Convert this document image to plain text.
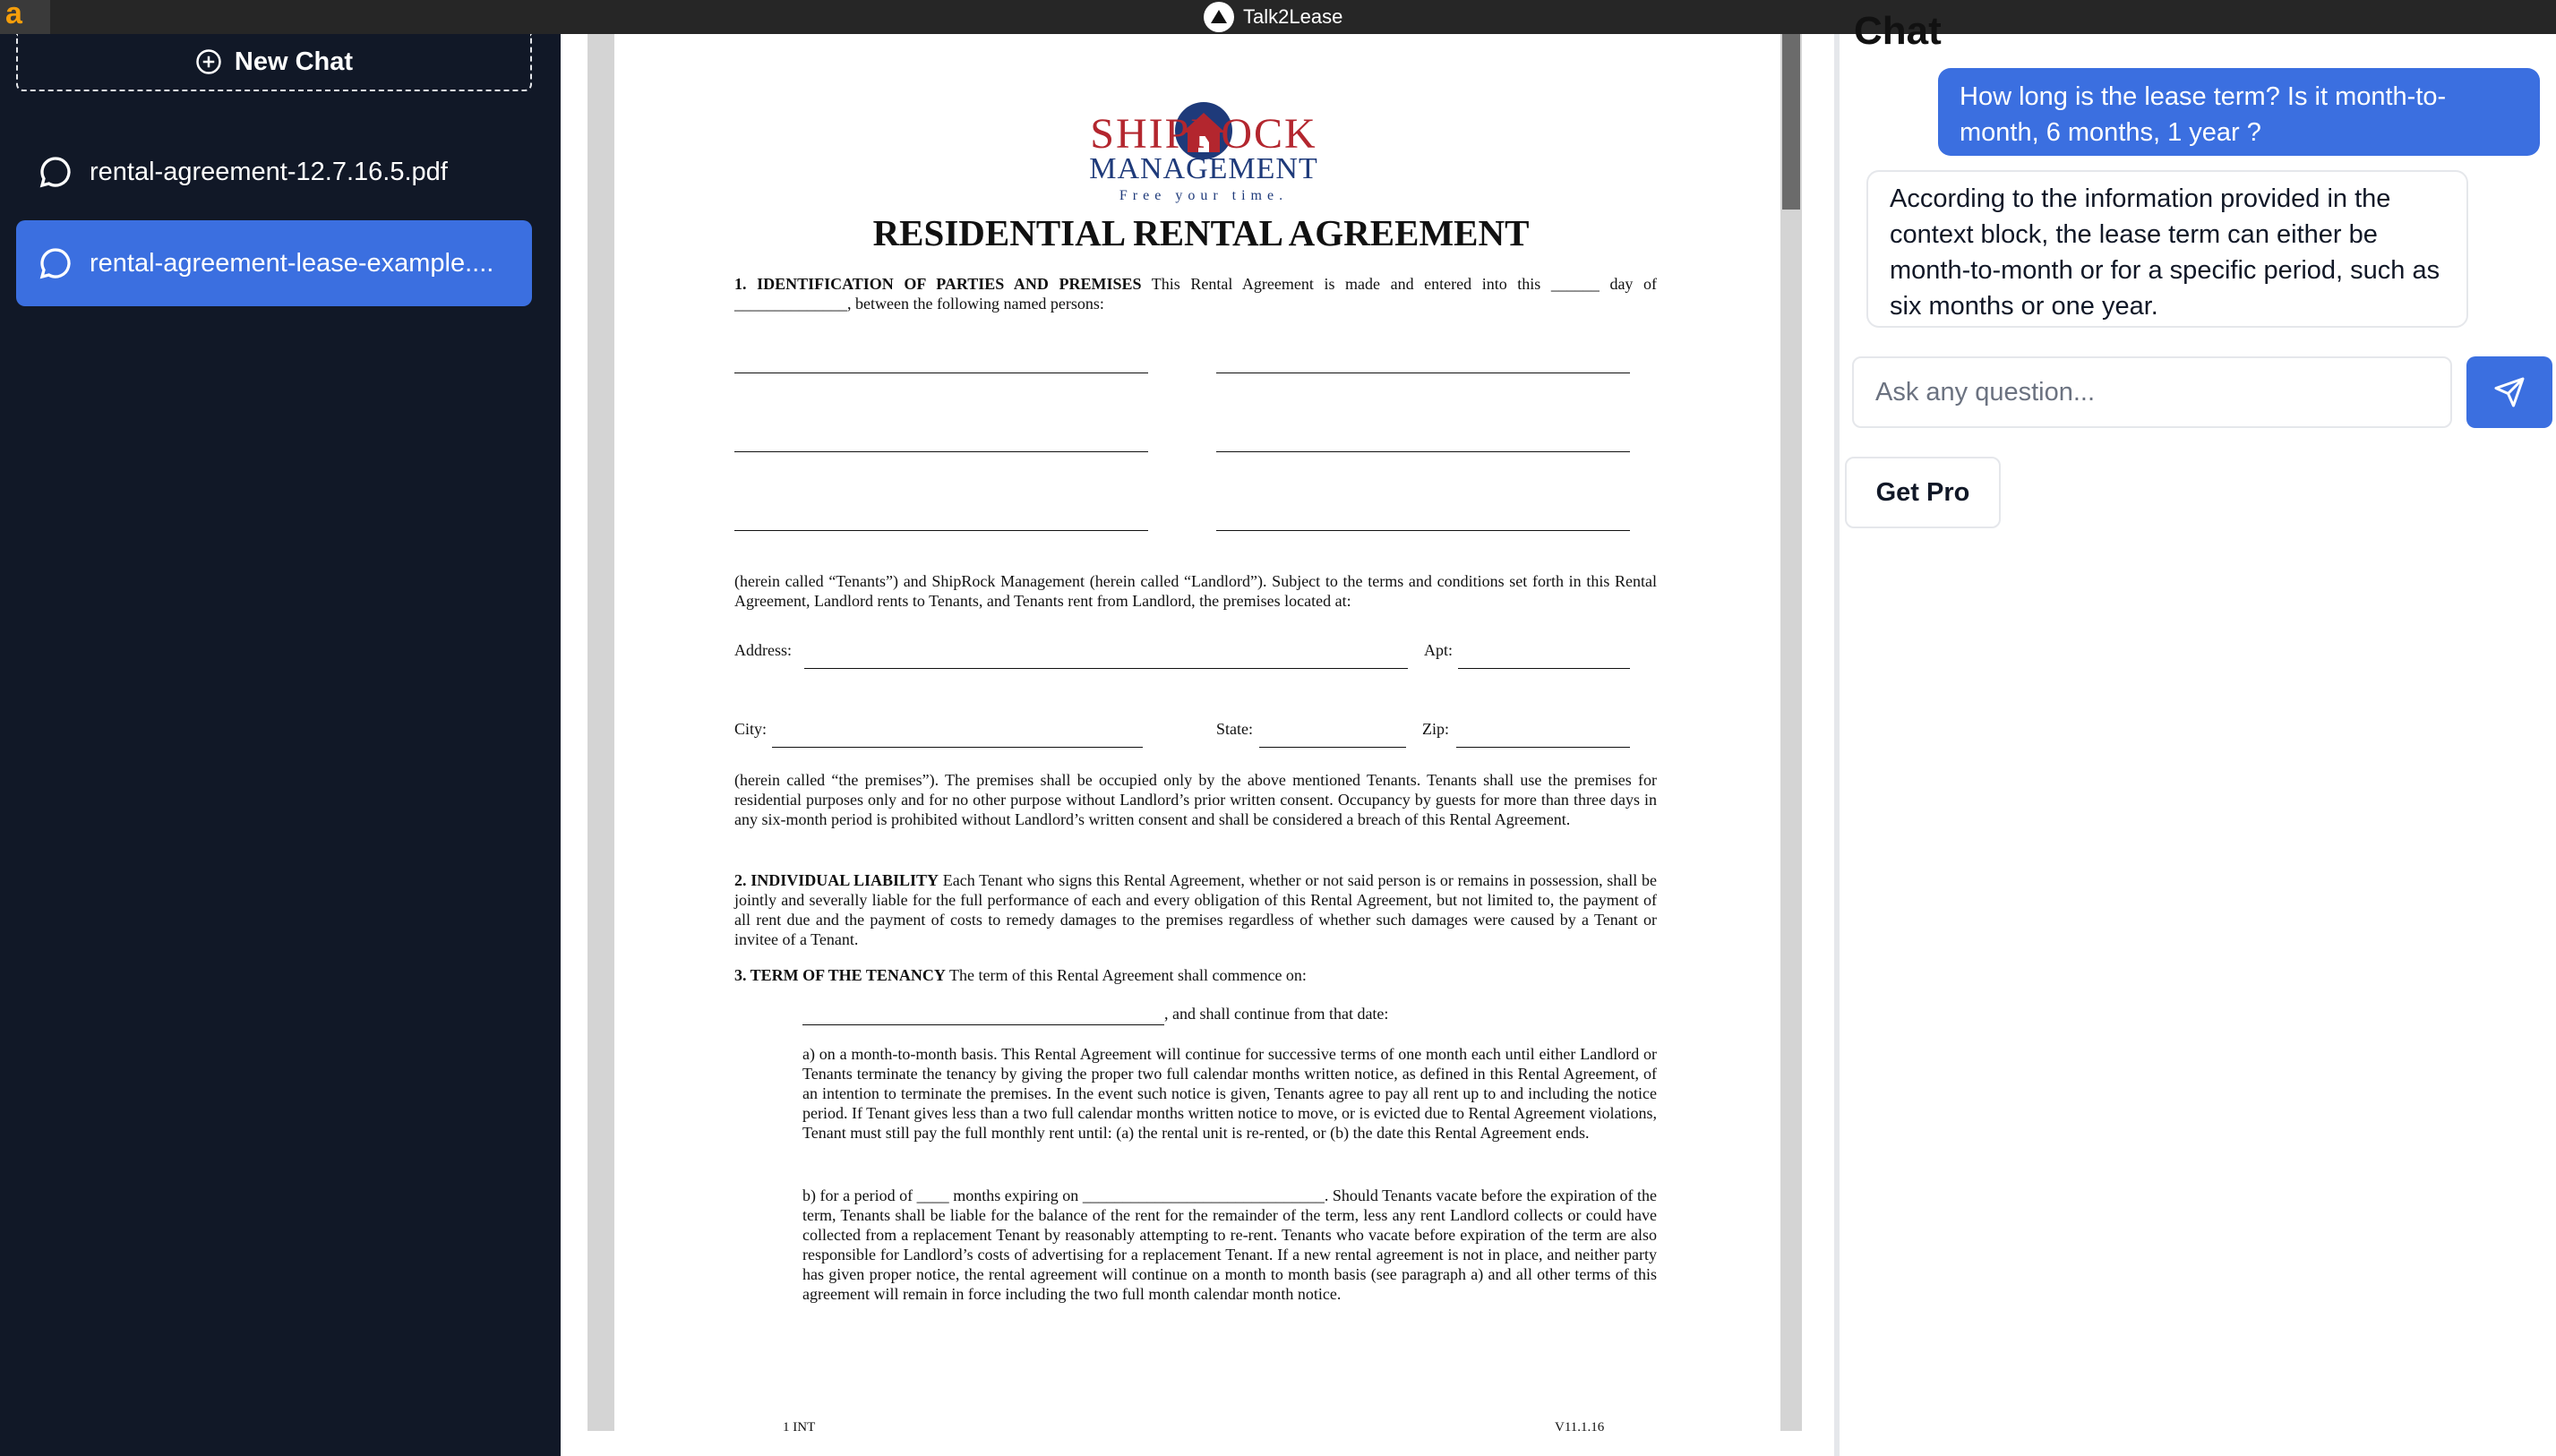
a	Talk2Lease
New Chat
rental-agreement-12.7.16.5.pdf
rental-agreement-lease-example....
SHIPROCK
MANAGEMENT
Free your time.
RESIDENTIAL RENTAL AGREEMENT
1. IDENTIFICATION OF PARTIES AND PREMISES This Rental Agreement is made and entered into this ______ day of ______________, between the following named persons:
(herein called “Tenants”) and ShipRock Management (herein called “Landlord”). Subject to the terms and conditions set forth in this Rental Agreement, Landlord rents to Tenants, and Tenants rent from Landlord, the premises located at:
Address:	Apt:
City:	State:	Zip:
(herein called “the premises”). The premises shall be occupied only by the above mentioned Tenants. Tenants shall use the premises for residential purposes only and for no other purpose without Landlord’s prior written consent. Occupancy by guests for more than three days in any six-month period is prohibited without Landlord’s written consent and shall be considered a breach of this Rental Agreement.
2. INDIVIDUAL LIABILITY Each Tenant who signs this Rental Agreement, whether or not said person is or remains in possession, shall be jointly and severally liable for the full performance of each and every obligation of this Rental Agreement, but not limited to, the payment of all rent due and the payment of costs to remedy damages to the premises regardless of whether such damages were caused by a Tenant or invitee of a Tenant.
3. TERM OF THE TENANCY The term of this Rental Agreement shall commence on:
, and shall continue from that date:
a) on a month-to-month basis. This Rental Agreement will continue for successive terms of one month each until either Landlord or Tenants terminate the tenancy by giving the proper two full calendar months written notice, as defined in this Rental Agreement, of an intention to terminate the premises. In the event such notice is given, Tenants agree to pay all rent up to and including the notice period. If Tenant gives less than a two full calendar months written notice to move, or is evicted due to Rental Agreement violations, Tenant must still pay the full monthly rent until: (a) the rental unit is re-rented, or (b) the date this Rental Agreement ends.
b) for a period of ____ months expiring on ______________________________. Should Tenants vacate before the expiration of the term, Tenants shall be liable for the balance of the rent for the remainder of the term, less any rent Landlord collects or could have collected from a replacement Tenant by reasonably attempting to re-rent. Tenants who vacate before expiration of the term are also responsible for Landlord’s costs of advertising for a replacement Tenant. If a new rental agreement is not in place, and neither party has given proper notice, the rental agreement will continue on a month to month basis (see paragraph a) and all other terms of this agreement will remain in force including the two full month calendar month notice.
1 INT	V11.1.16
Chat
How long is the lease term? Is it month-to-month, 6 months, 1 year ?
According to the information provided in the context block, the lease term can either be month-to-month or for a specific period, such as six months or one year.
Ask any question...
Get Pro
